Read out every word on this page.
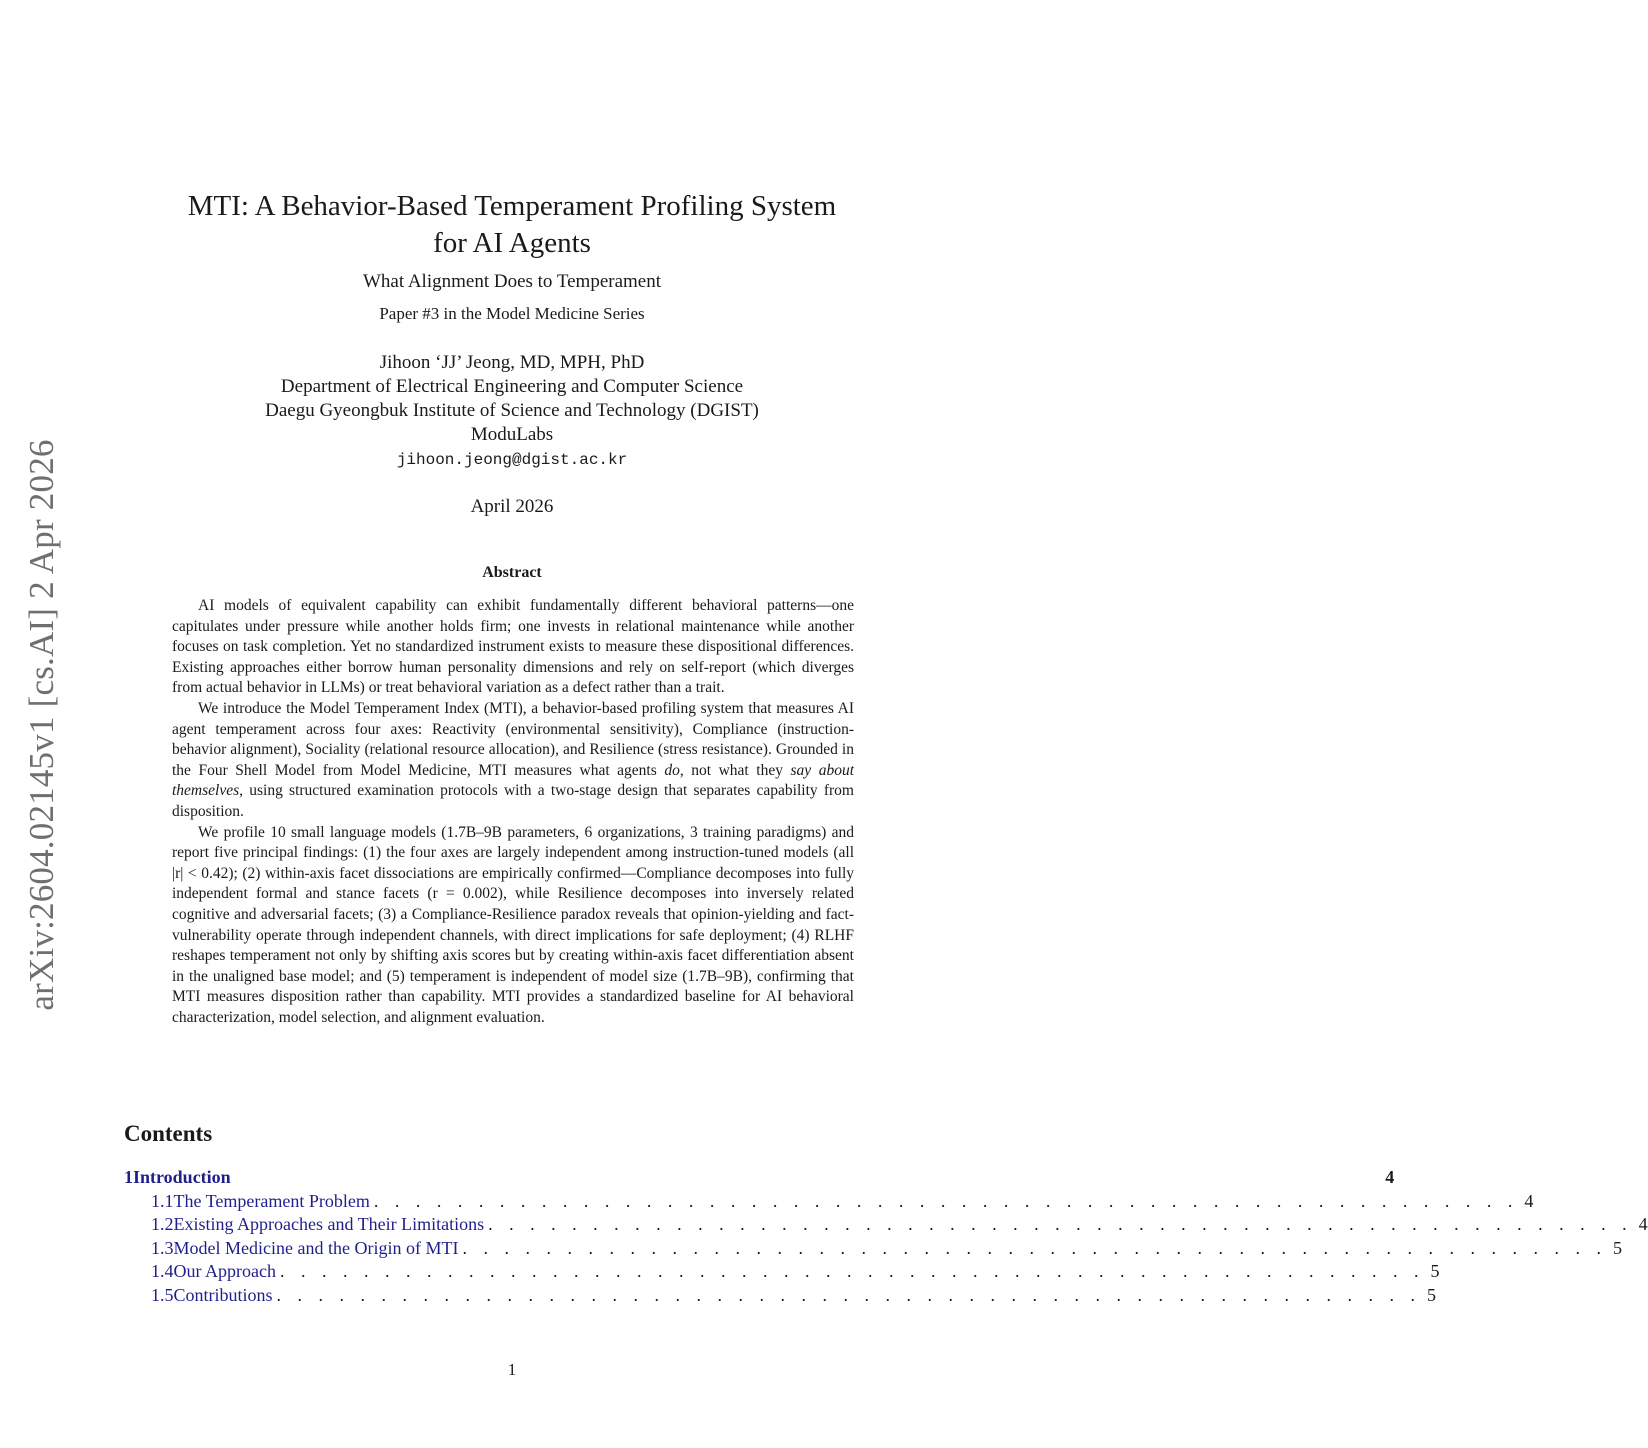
arXiv:2604.02145v1 [cs.AI] 2 Apr 2026
MTI: A Behavior-Based Temperament Profiling System
for AI Agents
What Alignment Does to Temperament
Paper #3 in the Model Medicine Series
Jihoon ‘JJ’ Jeong, MD, MPH, PhD
Department of Electrical Engineering and Computer Science
Daegu Gyeongbuk Institute of Science and Technology (DGIST)
ModuLabs
jihoon.jeong@dgist.ac.kr
April 2026
Abstract

AI models of equivalent capability can exhibit fundamentally different behavioral patterns—one capitulates under pressure while another holds firm; one invests in relational maintenance while another focuses on task completion. Yet no standardized instrument exists to measure these dispositional differences. Existing approaches either borrow human personality dimensions and rely on self-report (which diverges from actual behavior in LLMs) or treat behavioral variation as a defect rather than a trait.

We introduce the Model Temperament Index (MTI), a behavior-based profiling system that measures AI agent temperament across four axes: Reactivity (environmental sensitivity), Compliance (instruction-behavior alignment), Sociality (relational resource allocation), and Resilience (stress resistance). Grounded in the Four Shell Model from Model Medicine, MTI measures what agents do, not what they say about themselves, using structured examination protocols with a two-stage design that separates capability from disposition.

We profile 10 small language models (1.7B–9B parameters, 6 organizations, 3 training paradigms) and report five principal findings: (1) the four axes are largely independent among instruction-tuned models (all |r| < 0.42); (2) within-axis facet dissociations are empirically confirmed—Compliance decomposes into fully independent formal and stance facets (r = 0.002), while Resilience decomposes into inversely related cognitive and adversarial facets; (3) a Compliance-Resilience paradox reveals that opinion-yielding and fact-vulnerability operate through independent channels, with direct implications for safe deployment; (4) RLHF reshapes temperament not only by shifting axis scores but by creating within-axis facet differentiation absent in the unaligned base model; and (5) temperament is independent of model size (1.7B–9B), confirming that MTI measures disposition rather than capability. MTI provides a standardized baseline for AI behavioral characterization, model selection, and alignment evaluation.

Contents
1 Introduction	4
1.1 The Temperament Problem . . . . . . . . . . . . . . . . . . . . . . . . . . . . . . . . . . . . . . . . . . . . . . . . . . . . . . . 4
1.2 Existing Approaches and Their Limitations . . . . . . . . . . . . . . . . . . . . . . . . . . . . . . . . . . . . . . . . . . . . . . . . . . . . . . . 4
1.3 Model Medicine and the Origin of MTI . . . . . . . . . . . . . . . . . . . . . . . . . . . . . . . . . . . . . . . . . . . . . . . . . . . . . . . 5
1.4 Our Approach . . . . . . . . . . . . . . . . . . . . . . . . . . . . . . . . . . . . . . . . . . . . . . . . . . . . . . . 5
1.5 Contributions . . . . . . . . . . . . . . . . . . . . . . . . . . . . . . . . . . . . . . . . . . . . . . . . . . . . . . . 5
1
